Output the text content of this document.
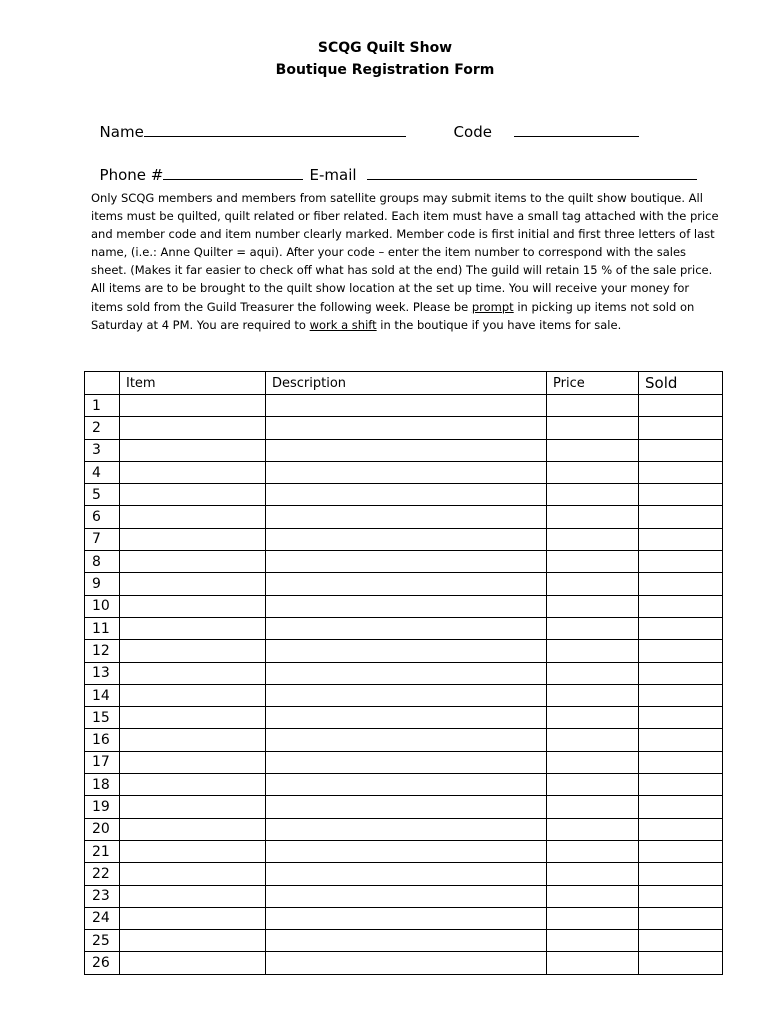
SCQG Quilt Show
Boutique Registration Form

Name	Code

Phone #	E-mail

Only SCQG members and members from satellite groups may submit items to the quilt show boutique. All items must be quilted, quilt related or fiber related. Each item must have a small tag attached with the price and member code and item number clearly marked. Member code is first initial and first three letters of last name, (i.e.: Anne Quilter = aqui). After your code – enter the item number to correspond with the sales sheet. (Makes it far easier to check off what has sold at the end) The guild will retain 15 % of the sale price. All items are to be brought to the quilt show location at the set up time. You will receive your money for items sold from the Guild Treasurer the following week. Please be prompt in picking up items not sold on Saturday at 4 PM. You are required to work a shift in the boutique if you have items for sale.
	Item	Description	Price	Sold
1				
2				
3				
4				
5				
6				
7				
8				
9				
10				
11				
12				
13				
14				
15				
16				
17				
18				
19				
20				
21				
22				
23				
24				
25				
26				
